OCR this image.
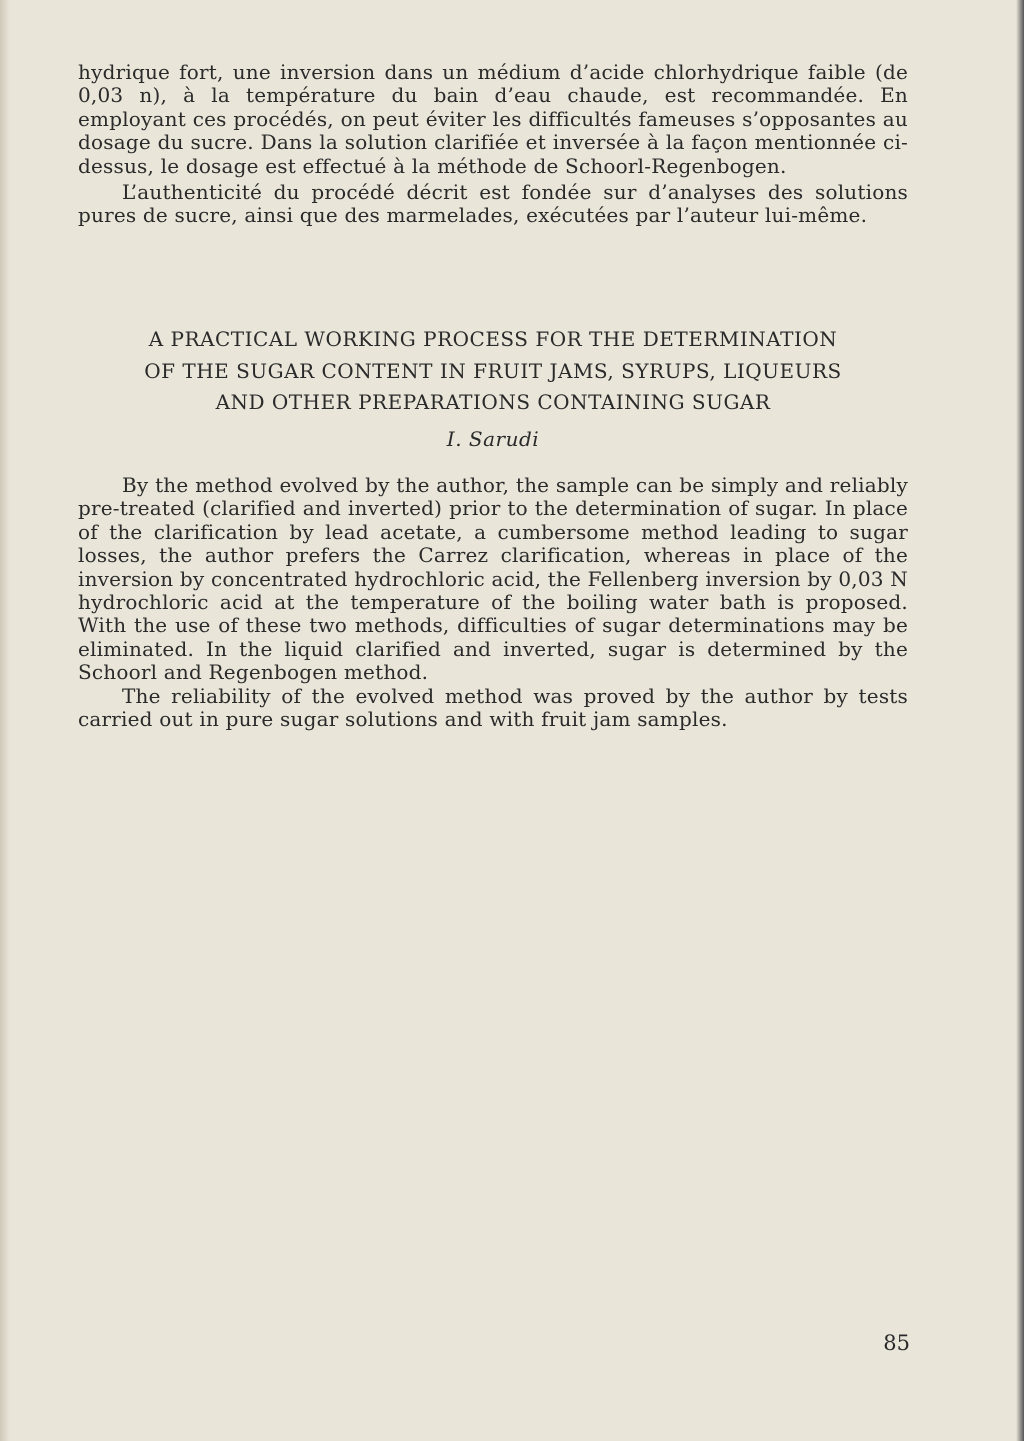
hydrique fort, une inversion dans un médium d’acide chlorhydrique faible (de 0,03 n), à la température du bain d’eau chaude, est recommandée. En employant ces procédés, on peut éviter les difficultés fameuses s’opposantes au dosage du sucre. Dans la solution clarifiée et inversée à la façon mentionnée ci-dessus, le dosage est effectué à la méthode de Schoorl-Regenbogen.

L’authenticité du procédé décrit est fondée sur d’analyses des solutions pures de sucre, ainsi que des marmelades, exécutées par l’auteur lui-même.

A PRACTICAL WORKING PROCESS FOR THE DETERMINATION
OF THE SUGAR CONTENT IN FRUIT JAMS, SYRUPS, LIQUEURS
AND OTHER PREPARATIONS CONTAINING SUGAR

I. Sarudi

By the method evolved by the author, the sample can be simply and reliably pre-treated (clarified and inverted) prior to the determination of sugar. In place of the clarification by lead acetate, a cumbersome method leading to sugar losses, the author prefers the Carrez clarification, whereas in place of the inversion by concentrated hydrochloric acid, the Fellenberg inversion by 0,03 N hydrochloric acid at the temperature of the boiling water bath is proposed. With the use of these two methods, difficulties of sugar determinations may be eliminated. In the liquid clarified and inverted, sugar is determined by the Schoorl and Regenbogen method.

The reliability of the evolved method was proved by the author by tests carried out in pure sugar solutions and with fruit jam samples.

85
